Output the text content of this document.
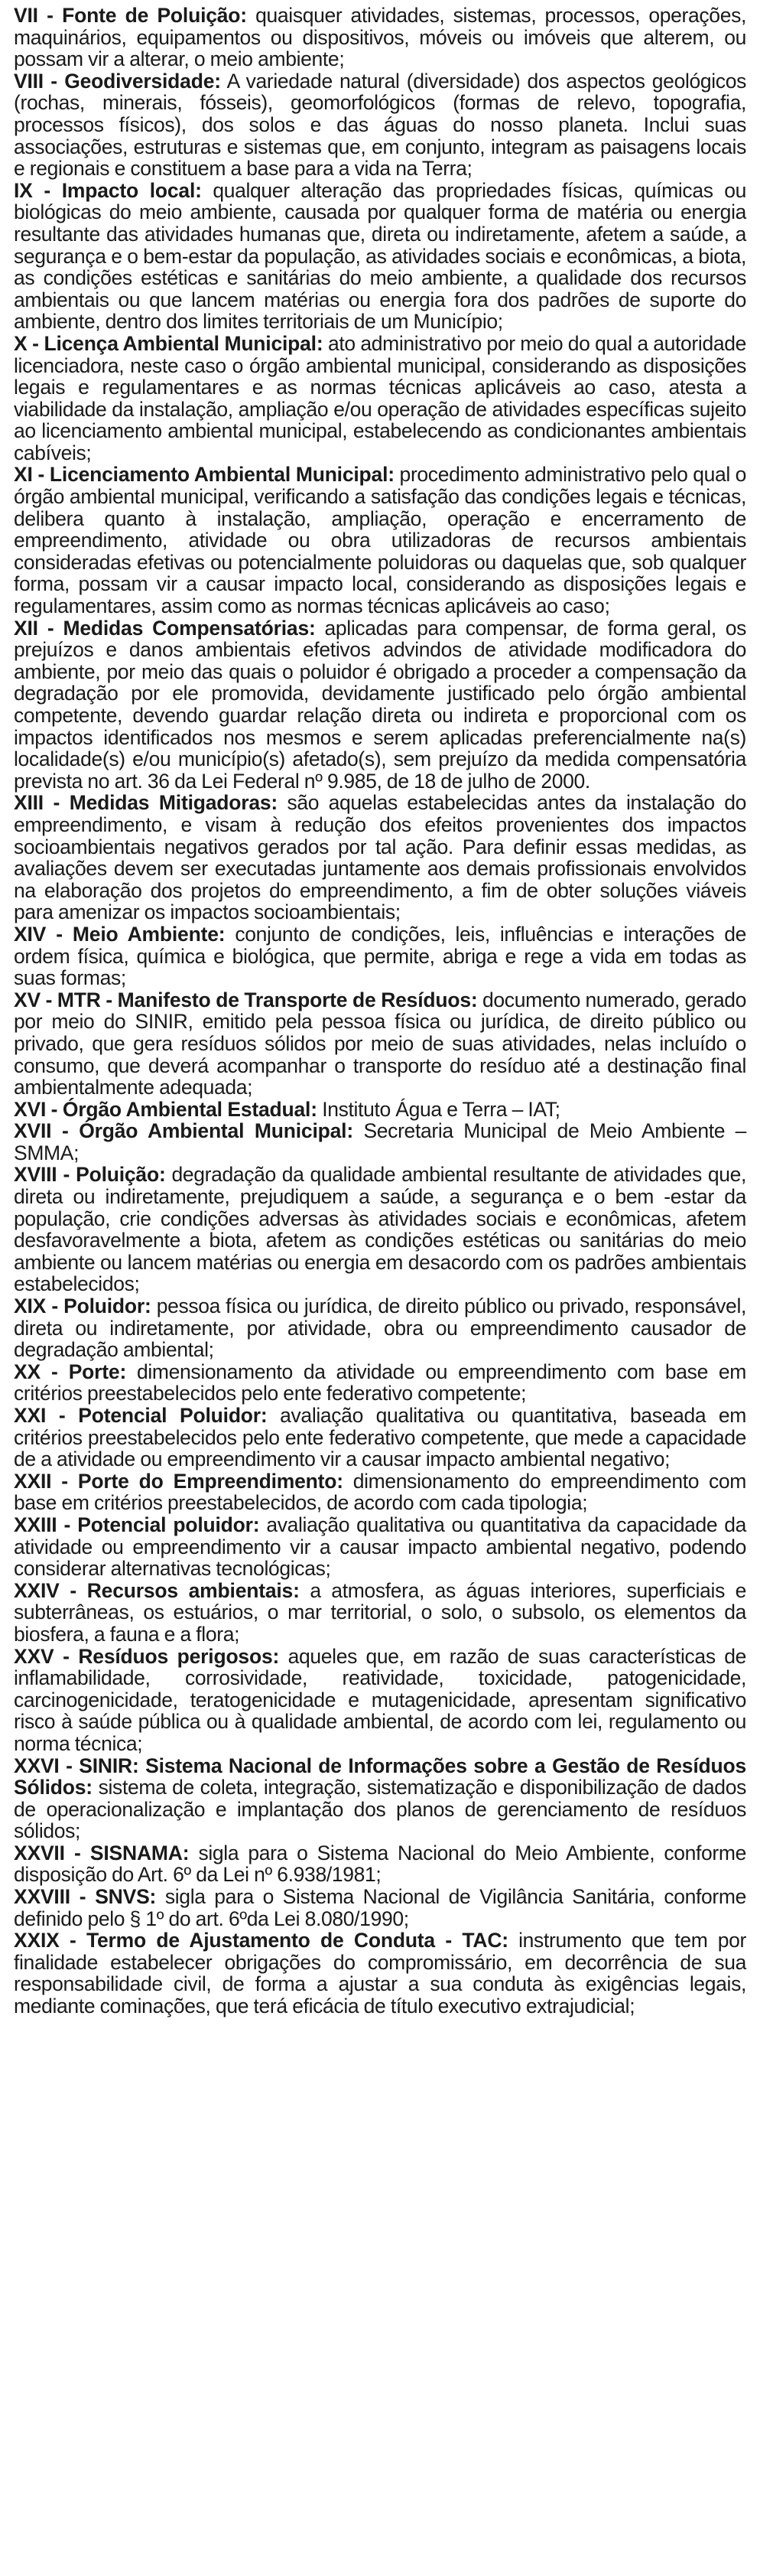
VII - Fonte de Poluição: quaisquer atividades, sistemas, processos, operações, maquinários, equipamentos ou dispositivos, móveis ou imóveis que alterem, ou possam vir a alterar, o meio ambiente;

VIII - Geodiversidade: A variedade natural (diversidade) dos aspectos geológicos (rochas, minerais, fósseis), geomorfológicos (formas de relevo, topografia, processos físicos), dos solos e das águas do nosso planeta. Inclui suas associações, estruturas e sistemas que, em conjunto, integram as paisagens locais e regionais e constituem a base para a vida na Terra;

IX - Impacto local: qualquer alteração das propriedades físicas, químicas ou biológicas do meio ambiente, causada por qualquer forma de matéria ou energia resultante das atividades humanas que, direta ou indiretamente, afetem a saúde, a segurança e o bem-estar da população, as atividades sociais e econômicas, a biota, as condições estéticas e sanitárias do meio ambiente, a qualidade dos recursos ambientais ou que lancem matérias ou energia fora dos padrões de suporte do ambiente, dentro dos limites territoriais de um Município;

X - Licença Ambiental Municipal: ato administrativo por meio do qual a autoridade licenciadora, neste caso o órgão ambiental municipal, considerando as disposições legais e regulamentares e as normas técnicas aplicáveis ao caso, atesta a viabilidade da instalação, ampliação e/ou operação de atividades específicas sujeito ao licenciamento ambiental municipal, estabelecendo as condicionantes ambientais cabíveis;

XI - Licenciamento Ambiental Municipal: procedimento administrativo pelo qual o órgão ambiental municipal, verificando a satisfação das condições legais e técnicas, delibera quanto à instalação, ampliação, operação e encerramento de empreendimento, atividade ou obra utilizadoras de recursos ambientais consideradas efetivas ou potencialmente poluidoras ou daquelas que, sob qualquer forma, possam vir a causar impacto local, considerando as disposições legais e regulamentares, assim como as normas técnicas aplicáveis ao caso;

XII - Medidas Compensatórias: aplicadas para compensar, de forma geral, os prejuízos e danos ambientais efetivos advindos de atividade modificadora do ambiente, por meio das quais o poluidor é obrigado a proceder a compensação da degradação por ele promovida, devidamente justificado pelo órgão ambiental competente, devendo guardar relação direta ou indireta e proporcional com os impactos identificados nos mesmos e serem aplicadas preferencialmente na(s) localidade(s) e/ou município(s) afetado(s), sem prejuízo da medida compensatória prevista no art. 36 da Lei Federal nº 9.985, de 18 de julho de 2000.

XIII - Medidas Mitigadoras: são aquelas estabelecidas antes da instalação do empreendimento, e visam à redução dos efeitos provenientes dos impactos socioambientais negativos gerados por tal ação. Para definir essas medidas, as avaliações devem ser executadas juntamente aos demais profissionais envolvidos na elaboração dos projetos do empreendimento, a fim de obter soluções viáveis para amenizar os impactos socioambientais;

XIV - Meio Ambiente: conjunto de condições, leis, influências e interações de ordem física, química e biológica, que permite, abriga e rege a vida em todas as suas formas;

XV - MTR - Manifesto de Transporte de Resíduos: documento numerado, gerado por meio do SINIR, emitido pela pessoa física ou jurídica, de direito público ou privado, que gera resíduos sólidos por meio de suas atividades, nelas incluído o consumo, que deverá acompanhar o transporte do resíduo até a destinação final ambientalmente adequada;

XVI - Órgão Ambiental Estadual: Instituto Água e Terra – IAT;

XVII - Órgão Ambiental Municipal: Secretaria Municipal de Meio Ambiente – SMMA;

XVIII - Poluição: degradação da qualidade ambiental resultante de atividades que, direta ou indiretamente, prejudiquem a saúde, a segurança e o bem -estar da população, crie condições adversas às atividades sociais e econômicas, afetem desfavoravelmente a biota, afetem as condições estéticas ou sanitárias do meio ambiente ou lancem matérias ou energia em desacordo com os padrões ambientais estabelecidos;

XIX - Poluidor: pessoa física ou jurídica, de direito público ou privado, responsável, direta ou indiretamente, por atividade, obra ou empreendimento causador de degradação ambiental;

XX - Porte: dimensionamento da atividade ou empreendimento com base em critérios preestabelecidos pelo ente federativo competente;

XXI - Potencial Poluidor: avaliação qualitativa ou quantitativa, baseada em critérios preestabelecidos pelo ente federativo competente, que mede a capacidade de a atividade ou empreendimento vir a causar impacto ambiental negativo;

XXII - Porte do Empreendimento: dimensionamento do empreendimento com base em critérios preestabelecidos, de acordo com cada tipologia;

XXIII - Potencial poluidor: avaliação qualitativa ou quantitativa da capacidade da atividade ou empreendimento vir a causar impacto ambiental negativo, podendo considerar alternativas tecnológicas;

XXIV - Recursos ambientais: a atmosfera, as águas interiores, superficiais e subterrâneas, os estuários, o mar territorial, o solo, o subsolo, os elementos da biosfera, a fauna e a flora;

XXV - Resíduos perigosos: aqueles que, em razão de suas características de inflamabilidade, corrosividade, reatividade, toxicidade, patogenicidade, carcinogenicidade, teratogenicidade e mutagenicidade, apresentam significativo risco à saúde pública ou à qualidade ambiental, de acordo com lei, regulamento ou norma técnica;

XXVI - SINIR: Sistema Nacional de Informações sobre a Gestão de Resíduos Sólidos: sistema de coleta, integração, sistematização e disponibilização de dados de operacionalização e implantação dos planos de gerenciamento de resíduos sólidos;

XXVII - SISNAMA: sigla para o Sistema Nacional do Meio Ambiente, conforme disposição do Art. 6º da Lei nº 6.938/1981;

XXVIII - SNVS: sigla para o Sistema Nacional de Vigilância Sanitária, conforme definido pelo § 1º do art. 6ºda Lei 8.080/1990;

XXIX - Termo de Ajustamento de Conduta - TAC: instrumento que tem por finalidade estabelecer obrigações do compromissário, em decorrência de sua responsabilidade civil, de forma a ajustar a sua conduta às exigências legais, mediante cominações, que terá eficácia de título executivo extrajudicial;
